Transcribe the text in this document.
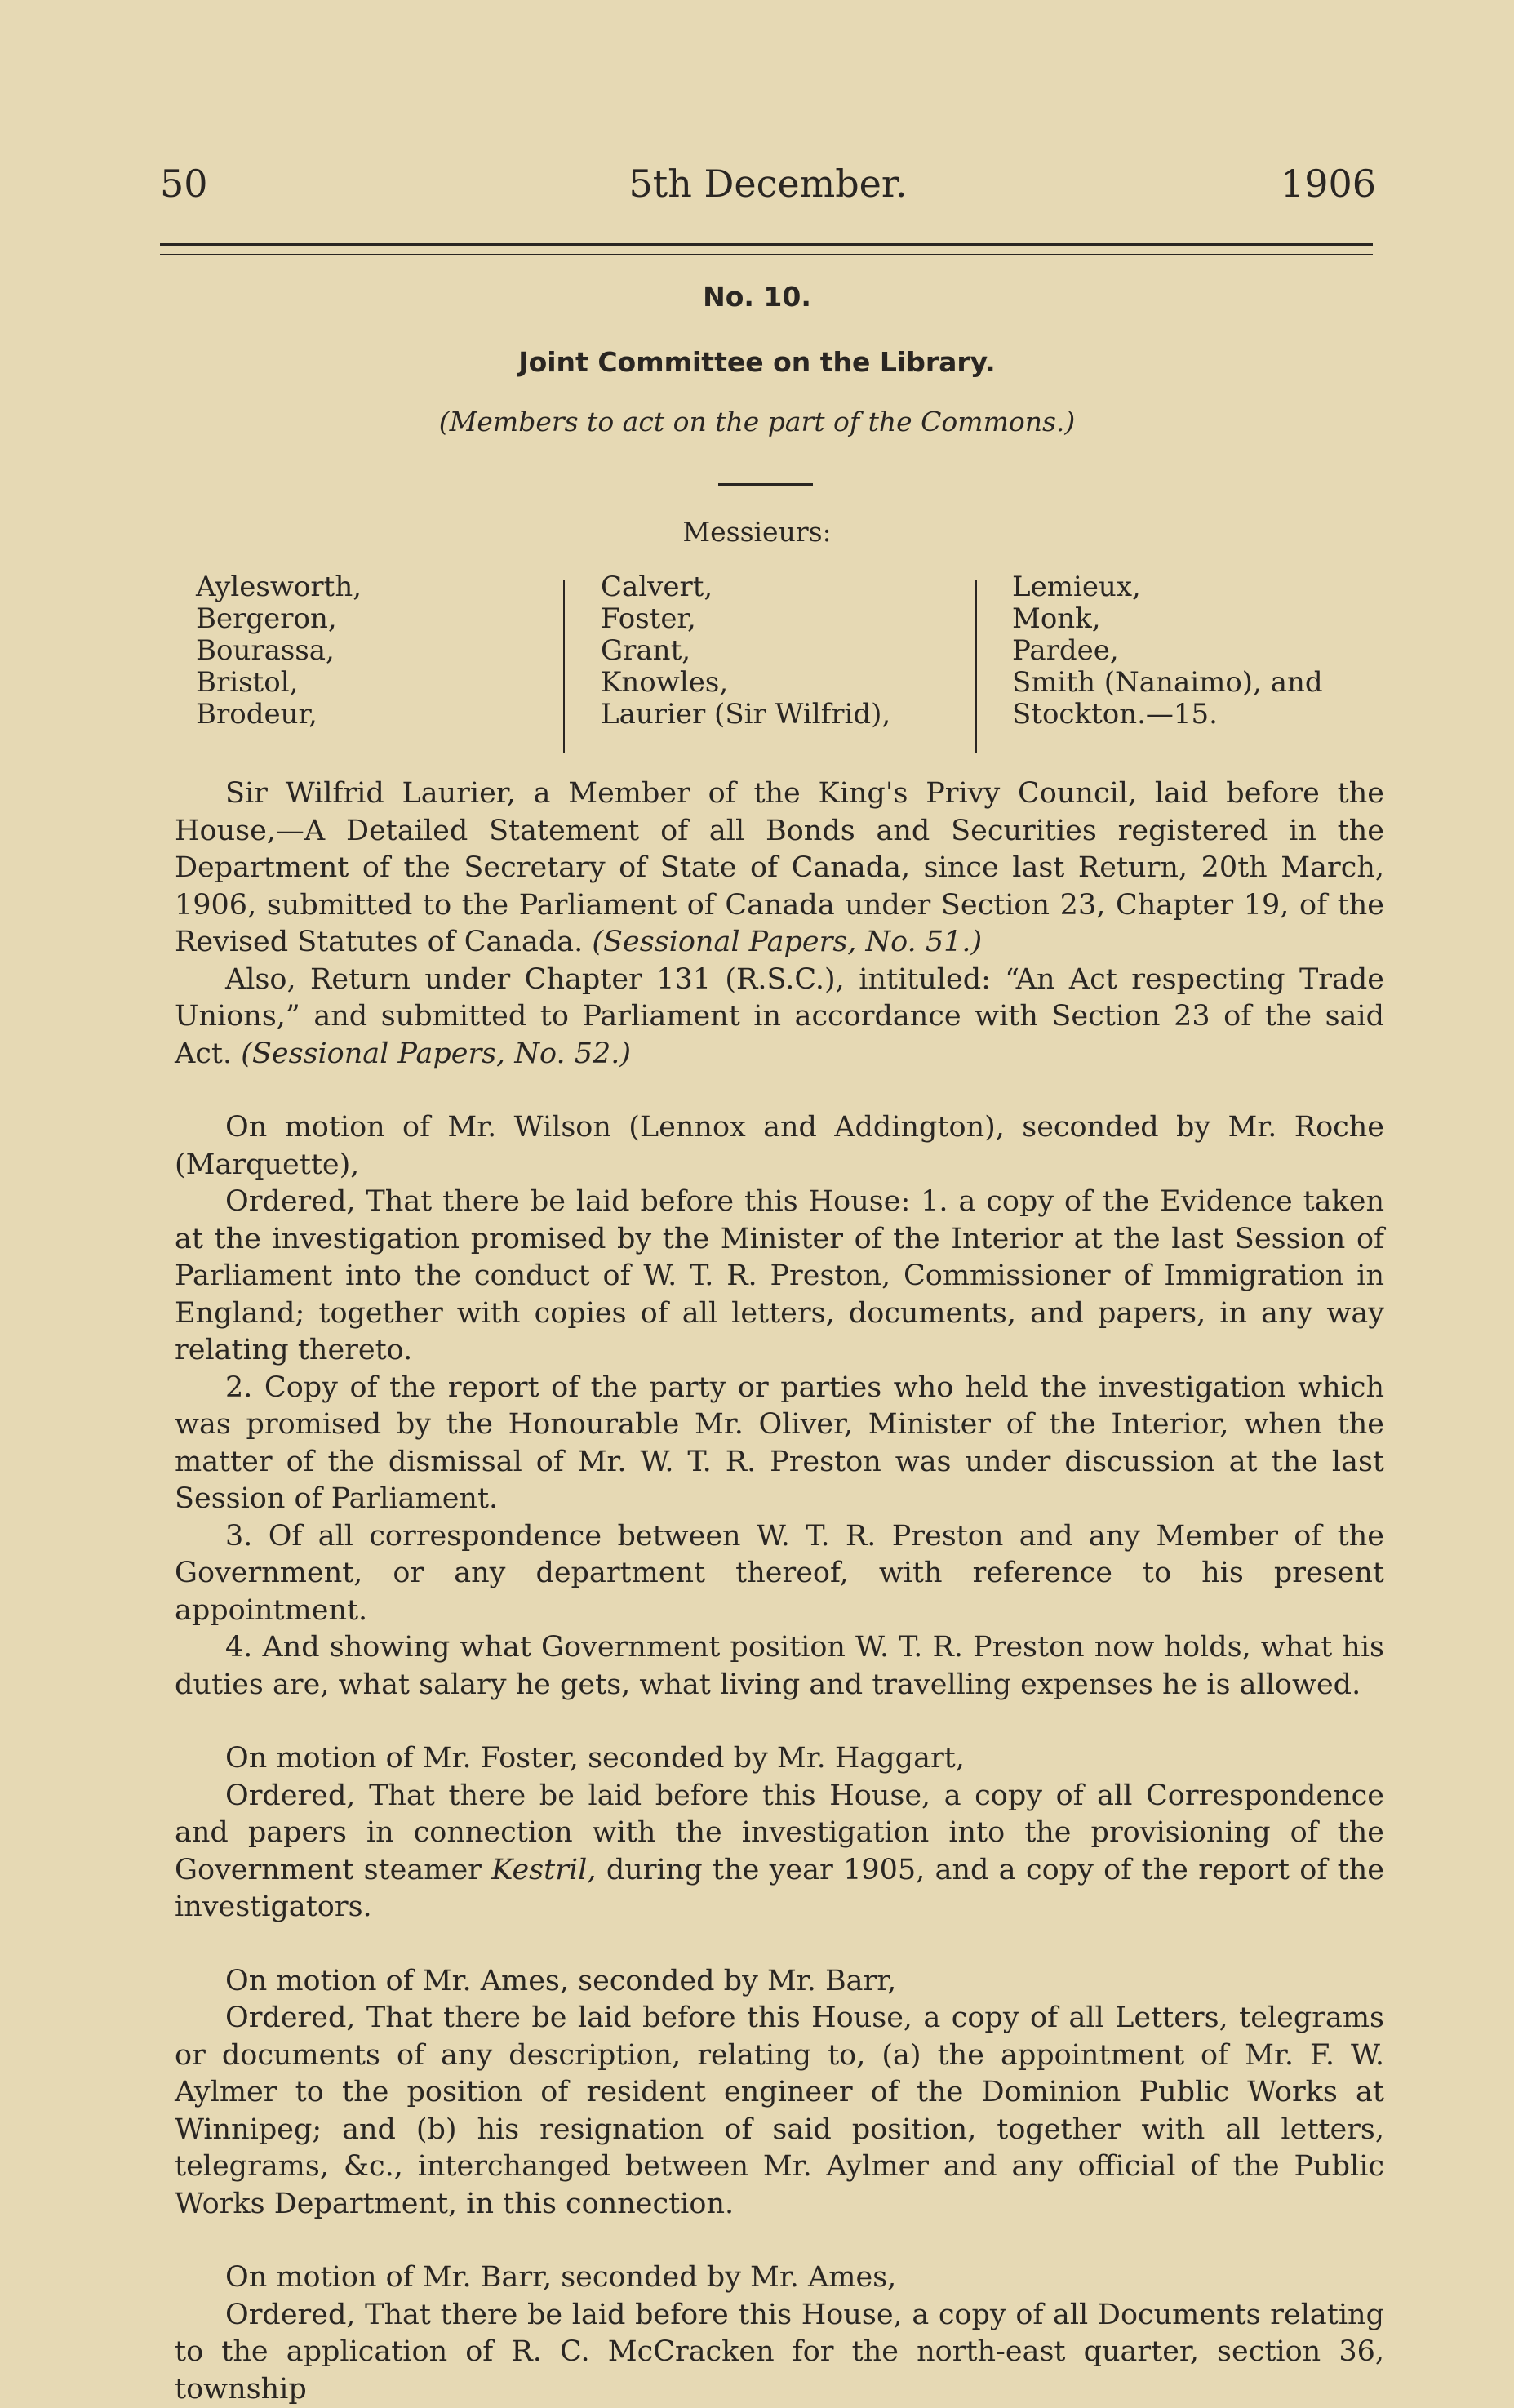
50	5th December.	1906
No. 10.
Joint Committee on the Library.
(Members to act on the part of the Commons.)
Messieurs:
Aylesworth,
Bergeron,
Bourassa,
Bristol,
Brodeur,
Calvert,
Foster,
Grant,
Knowles,
Laurier (Sir Wilfrid),
Lemieux,
Monk,
Pardee,
Smith (Nanaimo), and
Stockton.—15.

Sir Wilfrid Laurier, a Member of the King's Privy Council, laid before the House,—A Detailed Statement of all Bonds and Securities registered in the Department of the Secretary of State of Canada, since last Return, 20th March, 1906, submitted to the Parliament of Canada under Section 23, Chapter 19, of the Revised Statutes of Canada. (Sessional Papers, No. 51.)

Also, Return under Chapter 131 (R.S.C.), intituled: “An Act respecting Trade Unions,” and submitted to Parliament in accordance with Section 23 of the said Act. (Sessional Papers, No. 52.)

On motion of Mr. Wilson (Lennox and Addington), seconded by Mr. Roche (Marquette),

Ordered, That there be laid before this House: 1. a copy of the Evidence taken at the investigation promised by the Minister of the Interior at the last Session of Parliament into the conduct of W. T. R. Preston, Commissioner of Immigration in England; together with copies of all letters, documents, and papers, in any way relating thereto.

2. Copy of the report of the party or parties who held the investigation which was promised by the Honourable Mr. Oliver, Minister of the Interior, when the matter of the dismissal of Mr. W. T. R. Preston was under discussion at the last Session of Parliament.

3. Of all correspondence between W. T. R. Preston and any Member of the Government, or any department thereof, with reference to his present appointment.

4. And showing what Government position W. T. R. Preston now holds, what his duties are, what salary he gets, what living and travelling expenses he is allowed.

On motion of Mr. Foster, seconded by Mr. Haggart,

Ordered, That there be laid before this House, a copy of all Correspondence and papers in connection with the investigation into the provisioning of the Government steamer Kestril, during the year 1905, and a copy of the report of the investigators.

On motion of Mr. Ames, seconded by Mr. Barr,

Ordered, That there be laid before this House, a copy of all Letters, telegrams or documents of any description, relating to, (a) the appointment of Mr. F. W. Aylmer to the position of resident engineer of the Dominion Public Works at Winnipeg; and (b) his resignation of said position, together with all letters, telegrams, &c., interchanged between Mr. Aylmer and any official of the Public Works Department, in this connection.

On motion of Mr. Barr, seconded by Mr. Ames,

Ordered, That there be laid before this House, a copy of all Documents relating to the application of R. C. McCracken for the north-east quarter, section 36, township
